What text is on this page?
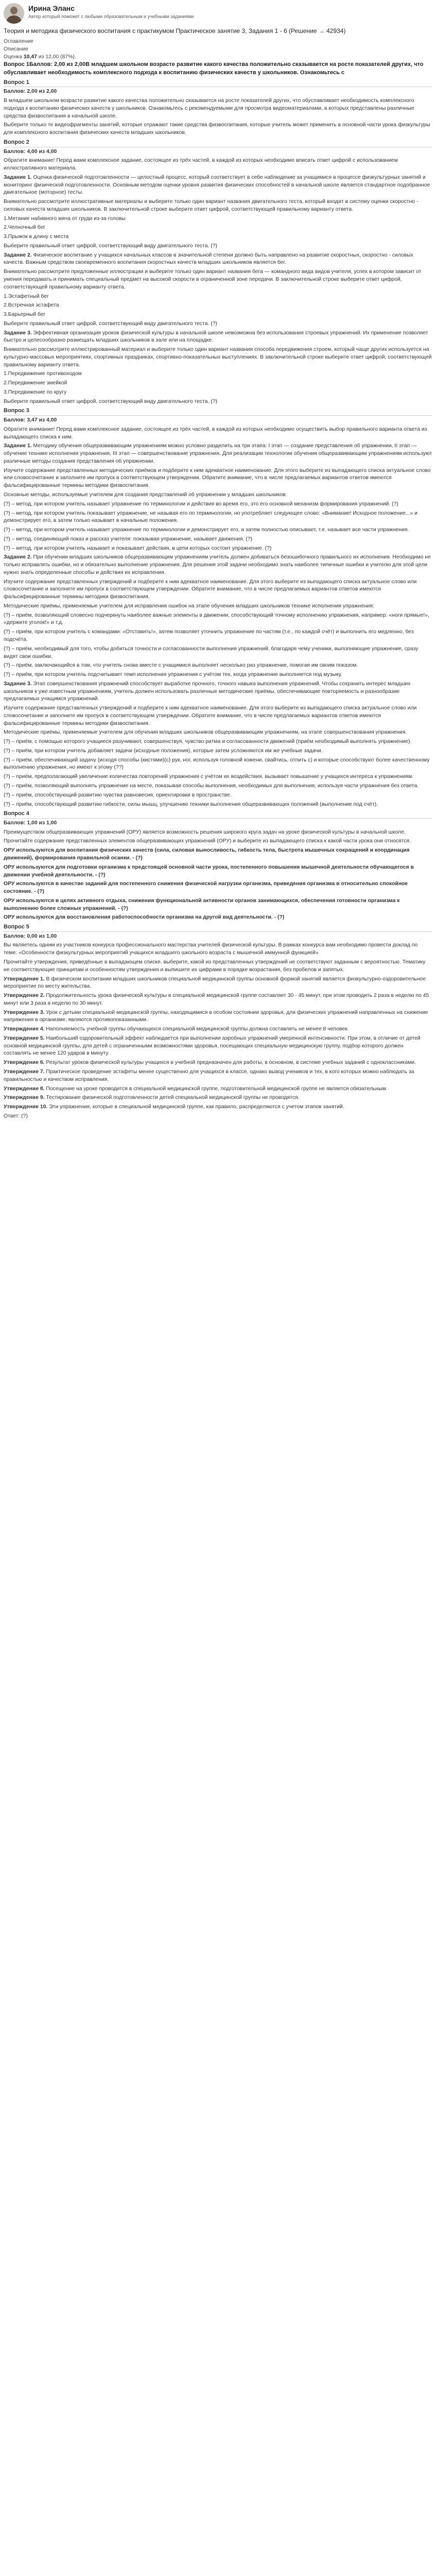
Ирина Эланс
Автор который поможет с любыми образовательным и учебными заданиями
Теория и методика физического воспитания с практикумом Практическое занятие 3, Задания 1 - 6 (Решение → 42934)
Оглавление
Описание
Оценка 10,47 из 12,00 (87%).
Вопрос 1Баллов: 2,00 из 2,00В младшем школьном возрасте развитие какого качества положительно сказывается на росте показателей других, что обуславливает необходимость комплексного подхода к воспитанию физических качеств у школьников. Ознакомьтесь с
Вопрос 1
Баллов: 2,00 из 2,00

В младшем школьном возрасте развитие какого качества положительно сказывается на росте показателей других, что обуславливает необходимость комплексного подхода к воспитанию физических качеств у школьников. Ознакомьтесь с рекомендуемыми для просмотра видеоматериалами, в которых представлены различные средства физвоспитания в начальной школе.

Выберите только те видеофрагменты занятий, которые отражают такие средства физвоспитания, которые учитель может применить в основной части урока физкультуры для комплексного воспитания физических качеств младших школьников.

Вопрос 2
Баллов: 4,00 из 4,00

Обратите внимание! Перед вами комплексное задание, состоящее из трёх частей, в каждой из которых необходимо вписать ответ цифрой с использованием иллюстративного материала.

Задание 1. Оценка физической подготовленности — целостный процесс, который соответствует в себе наблюдение за учащимися в процессе физкультурных занятий и мониторинг физической подготовленности. Основным методом оценки уровня развития физических способностей в начальной школе является стандартное подобранное двигательное (моторное) тесты.

Внимательно рассмотрите иллюстративные материалы и выберите только один вариант названия двигательного теста, который входит в систему оценки скоростно - силовых качеств младших школьников. В заключительной строке выберите ответ цифрой, соответствующей правильному варианту ответа.

1.Метание набивного мяча от груди из-за головы

2.Челночный бег

3.Прыжок в длину с места

Выберите правильный ответ цифрой, соответствующий виду двигательного теста. (?)

Задание 2. Физическое воспитание у учащихся начальных классов в значительной степени должно быть направлено на развитие скоростных, скоростно - силовых качеств. Важным средством своевременного воспитания скоростных качеств младших школьников является бег.

Внимательно рассмотрите предложенные иллюстрации и выберите только один вариант названия бега — командного вида видов учителя, успех в котором зависит от умения передавать и принимать специальный предмет на высокой скорости в ограниченной зоне передачи. В заключительной строке выберите ответ цифрой, соответствующей правильному варианту ответа.

1.Эстафетный бег

2.Встречная эстафета

3.Барьерный бег

Выберите правильный ответ цифрой, соответствующий виду двигательного теста. (?)

Задание 3. Эффективная организация уроков физической культуры в начальной школе невозможна без использования строевых упражнений. Их применение позволяет быстро и целесообразно размещать младших школьников в зале или на площадке.

Внимательно рассмотрите иллюстрированный материал и выберите только один вариант названия способа передвижения строем, который чаще других используется на культурно-массовых мероприятиях, спортивных праздниках, спортивно-показательных выступлениях. В заключительной строке выберите ответ цифрой, соответствующей правильному варианту ответа.

1.Передвижение противоходом

2.Передвижение змейкой

3.Передвижение по кругу

Выберите правильный ответ цифрой, соответствующий виду двигательного теста. (?)

Вопрос 3
Баллов: 3,47 из 4,00

Обратите внимание! Перед вами комплексное задание, состоящее из трёх частей, в каждой из которых необходимо осуществить выбор правильного варианта ответа из выпадающего списка к ним.

Задание 1. Методику обучения общеразвивающим упражнениям можно условно разделить на три этапа: I этап — создание представления об упражнении, II этап — обучение технике исполнения упражнения, III этап — совершенствование упражнения. Для реализации технологии обучения общеразвивающим упражнениям используют различные методы создания представления об упражнении.

Изучите содержание представленных методических приёмов и подберите к ним адекватное наименование. Для этого выберите из выпадающего списка актуальное слово или словосочетание и заполните им пропуск в соответствующем утверждении. Обратите внимание, что в числе предлагаемых вариантов ответов имеются фальсифицированные термины методики физвоспитания.

Основные методы, используемые учителем для создания представлений об упражнении у младших школьников:

(?) – метод, при котором учитель называет упражнение по терминологии и действия во время его, это его основной механизм формирования упражнений. (?)

(?) – метод, при котором учитель показывает упражнение, не называя его по терминологии, но употребляет следующее слово: «Внимание! Исходное положение...» и демонстрирует его, в затем только называет в начальные положения.

(?) – метод, при котором учитель называет упражнение по терминологии и демонстрирует его, а затем полностью описывает, т.е. называет все части упражнения.

(?) – метод, соединяющий показ и рассказ учителя: показывая упражнение, называет движения. (?)

(?) – метод, при котором учитель называет и показывает действия, в цепи которых состоит упражнение. (?)

Задание 2. При обучении младших школьников общеразвивающим упражнениям учитель должен добиваться безошибочного правильного их исполнения. Необходимо не только исправлять ошибки, но и обязательно выполнение упражнения. Для решения этой задачи необходимо знать наиболее типичные ошибки и учителю для этой цели нужно знать определенные способы и действия их исправления.

Изучите содержание представленных утверждений и подберите к ним адекватное наименование. Для этого выберите из выпадающего списка актуальное слово или словосочетание и заполните им пропуск в соответствующем утверждении. Обратите внимание, что в числе предлагаемых вариантов ответов имеются фальсифицированные термины методики физвоспитания.

Методические приёмы, применяемые учителем для исправления ошибок на этапе обучения младших школьников технике исполнения упражнения:

(?) – приём, позволяющий словесно подчеркнуть наиболее важные элементы в движении, способствующий точному исполнению упражнения, например: «ноги прямые!», «держите уголок!» и т.д.

(?) – приём, при котором учитель с командами: «Отставить!», затем позволяет уточнить упражнение по частям (т.е., по каждой счёт) и выполнить его медленно, без подсчёта.

(?) – приём, необходимый для того, чтобы добиться точности и согласованности выполнения упражнений, благодаря чему ученики, выполняющие упражнение, сразу видят свои ошибки.

(?) – приём, заключающийся в том, что учитель снова вместе с учащимися выполняет несколько раз упражнение, помогая им своим показом.

(?) – приём, при котором учитель подсчитывает темп исполнения упражнения с учётом тех, когда упражнение выполняется под музыку.

Задание 3. Этап совершенствования упражнений способствует выработке прочного, точного навыка выполнения упражнений. Чтобы сохранить интерес младших школьников к уже известным упражнениям, учитель должен использовать различные методические приёмы, обеспечивающие повторяемость и разнообразие предлагаемых учащимся упражнений.

Изучите содержание представленных утверждений и подберите к ним адекватное наименование. Для этого выберите из выпадающего списка актуальное слово или словосочетание и заполните им пропуск в соответствующем утверждении. Обратите внимание, что в числе предлагаемых вариантов ответов имеются фальсифицированные термины методики физвоспитания.

Методические приёмы, применяемые учителем для обучения младших школьников общеразвивающим упражнениям, на этапе совершенствования упражнения.

(?) – приём, с помощью которого учащиеся разучивают, совершенствуя, чувство ритма и согласованности движений (приём необходимый выполнять упражнение).

(?) – приём, при котором учитель добавляет задачи (исходные положения), которые затем усложняются им же учебные задачи.

(?) – приём, обеспечивающий задачу (исходя способы (кистями)(с) рук, ног, используя головной кожени, свайтись, отпить с) и которые способствуют более качественному выполнению упражнения, но имеют к этому (??)

(?) – приём, предполагающий увеличение количества повторений упражнения с учётом их воздействия, вызывает повышение у учащихся интереса к упражнениям.

(?) – приём, позволяющий выполнять упражнение на месте, показывая способы выполнения, необходимых для выполнения, используя части упражнения без ответа.

(?) – приём, способствующий развитию чувства равновесия, ориентировки в пространстве.

(?) – приём, способствующий развитию гибкости, силы мышц, улучшению техники выполнения общеразвивающих положений (выполнение под счёт).

Вопрос 4
Баллов: 1,00 из 1,00

Преимуществом общеразвивающих упражнений (ОРУ) является возможность решения широкого круга задач на уроке физической культуры в начальной школе.

Прочитайте содержание представленных элементов общеразвивающих упражнений (ОРУ) и выберите из выпадающего списка к какой части урока они относятся.

ОРУ используются для воспитания физических качеств (сила, силовая выносливость, гибкость тела, быстрота мышечных сокращений и координация движений), формирования правильной осанки. - (?)

ОРУ используются для подготовки организма к предстоящей основной части урока, постепенного повышения мышечной деятельности обучающегося в движении учебной деятельности. - (?)

ОРУ используются в качестве заданий для постепенного снижения физической нагрузки организма, приведения организма в относительно спокойное состояние. - (?)

ОРУ используются в целях активного отдыха, снижения функциональной активности органов занимающихся, обеспечения готовности организма к выполнению более сложных упражнений. - (?)

ОРУ используются для восстановления работоспособности организма на другой вид деятельности. - (?)

Вопрос 5
Баллов: 0,00 из 1,00

Вы являетесь одним из участников конкурса профессионального мастерства учителей физической культуры. В рамках конкурса вам необходимо провести доклад по теме: «Особенности физкультурных мероприятий учащихся младшего школьного возраста с мышечной иммунной функцией»

Прочитайте утверждения, приведённые в выпадающем списке, выберите, какой из представленных утверждений не соответствуют заданным с вероятностью. Тематику не соответствующие принципам и особенностям утверждения и выпишите их цифрами в порядке возрастания, без пробелов и запятых.

Утверждение 1. В физическом воспитании младших школьников специальной медицинской группы основной формой занятий является физкультурно-оздоровительное мероприятие по месту жительства.

Утверждение 2. Продолжительность урока физической культуры в специальной медицинской группе составляет 30 - 45 минут, при этом проводить 2 раза в неделю по 45 минут или 3 раза в неделю по 30 минут.

Утверждение 3. Урок с детьми специальной медицинской группы, находящимися в особом состоянии здоровья, для физических упражнений направленных на снижение напряжения в организме, являются противопоказанными.

Утверждение 4. Наполняемость учебной группы обучающихся специальной медицинской группы должна составлять не менее 8 человек.

Утверждение 5. Наибольший оздоровительный эффект наблюдается при выполнении аэробных упражнений умеренной интенсивности. При этом, в отличие от детей основной медицинской группы, для детей с ограниченными возможностями здоровья, посещающих специальную медицинскую группу, подбор которого должен составлять не менее 120 ударов в минуту.

Утверждение 6. Результат уроков физической культуры учащихся в учебной предназначен для работы, в основном, в системе учебных заданий с одноклассниками.

Утверждение 7. Практическое проведение эстафеты менее существенно для учащихся в классе, однако вывод учеников и тех, в кого которых можно наблюдать за правильностью и качеством исправления.

Утверждение 8. Посещение на уроке проводится в специальной медицинской группе, подготовительной медицинской группе не является обязательным.

Утверждение 9. Тестирование физической подготовленности детей специальной медицинской группы не проводятся.

Утверждение 10. Эти упражнения, которые в специальной медицинской группе, как правило, распределяются с учетом этапов занятий.

Ответ: (?)
